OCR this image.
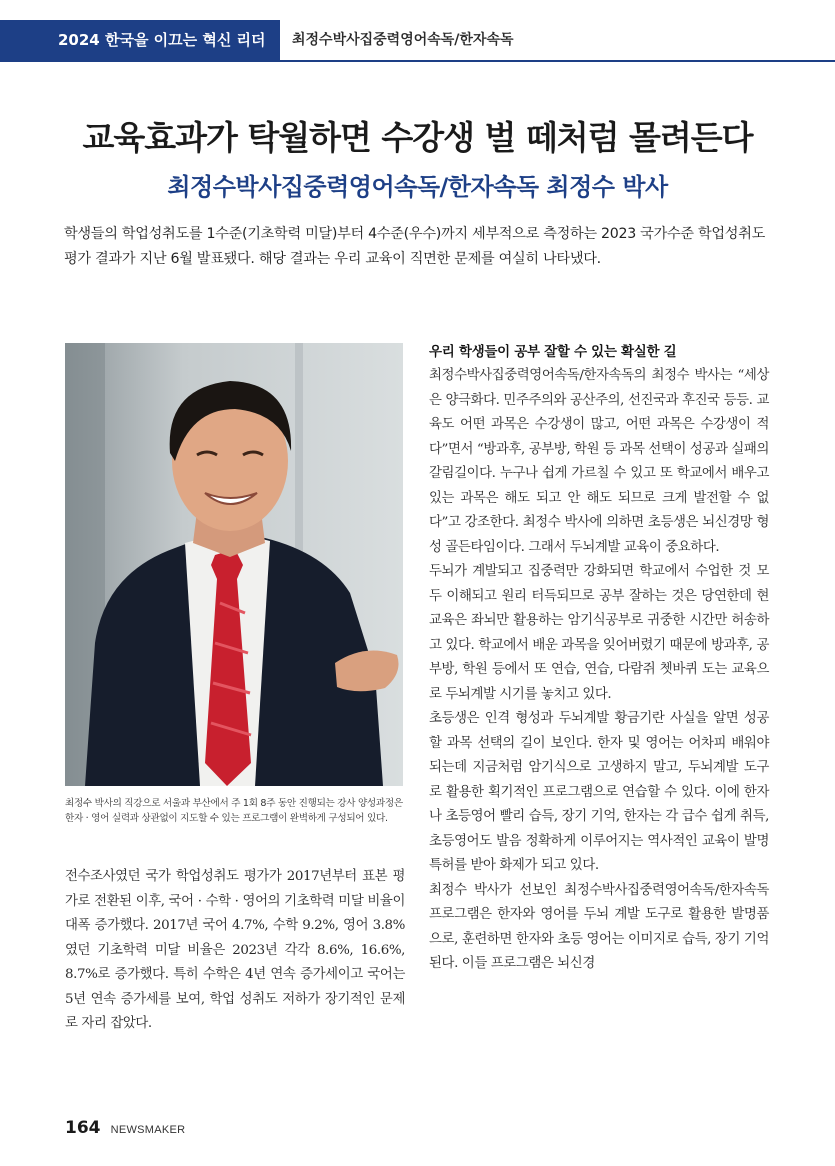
2024 한국을 이끄는 혁신 리더	최정수박사집중력영어속독/한자속독
교육효과가 탁월하면 수강생 벌 떼처럼 몰려든다
최정수박사집중력영어속독/한자속독 최정수 박사

학생들의 학업성취도를 1수준(기초학력 미달)부터 4수준(우수)까지 세부적으로 측정하는 2023 국가수준 학업성취도 평가 결과가 지난 6월 발표됐다. 해당 결과는 우리 교육이 직면한 문제를 여실히 나타냈다.

최정수 박사의 직강으로 서울과 부산에서 주 1회 8주 동안 진행되는 강사 양성과정은 한자 · 영어 실력과 상관없이 지도할 수 있는 프로그램이 완벽하게 구성되어 있다.

전수조사였던 국가 학업성취도 평가가 2017년부터 표본 평가로 전환된 이후, 국어 · 수학 · 영어의 기초학력 미달 비율이 대폭 증가했다. 2017년 국어 4.7%, 수학 9.2%, 영어 3.8%였던 기초학력 미달 비율은 2023년 각각 8.6%, 16.6%, 8.7%로 증가했다. 특히 수학은 4년 연속 증가세이고 국어는 5년 연속 증가세를 보여, 학업 성취도 저하가 장기적인 문제로 자리 잡았다.

우리 학생들이 공부 잘할 수 있는 확실한 길

최정수박사집중력영어속독/한자속독의 최정수 박사는 “세상은 양극화다. 민주주의와 공산주의, 선진국과 후진국 등등. 교육도 어떤 과목은 수강생이 많고, 어떤 과목은 수강생이 적다”면서 “방과후, 공부방, 학원 등 과목 선택이 성공과 실패의 갈림길이다. 누구나 쉽게 가르칠 수 있고 또 학교에서 배우고 있는 과목은 해도 되고 안 해도 되므로 크게 발전할 수 없다”고 강조한다. 최정수 박사에 의하면 초등생은 뇌신경망 형성 골든타임이다. 그래서 두뇌계발 교육이 중요하다.

두뇌가 계발되고 집중력만 강화되면 학교에서 수업한 것 모두 이해되고 원리 터득되므로 공부 잘하는 것은 당연한데 현 교육은 좌뇌만 활용하는 암기식공부로 귀중한 시간만 허송하고 있다. 학교에서 배운 과목을 잊어버렸기 때문에 방과후, 공부방, 학원 등에서 또 연습, 연습, 다람쥐 쳇바퀴 도는 교육으로 두뇌계발 시기를 놓치고 있다.

초등생은 인격 형성과 두뇌계발 황금기란 사실을 알면 성공할 과목 선택의 길이 보인다. 한자 및 영어는 어차피 배워야 되는데 지금처럼 암기식으로 고생하지 말고, 두뇌계발 도구로 활용한 획기적인 프로그램으로 연습할 수 있다. 이에 한자나 초등영어 빨리 습득, 장기 기억, 한자는 각 급수 쉽게 취득, 초등영어도 발음 정확하게 이루어지는 역사적인 교육이 발명특허를 받아 화제가 되고 있다.

최정수 박사가 선보인 최정수박사집중력영어속독/한자속독 프로그램은 한자와 영어를 두뇌 계발 도구로 활용한 발명품으로, 훈련하면 한자와 초등 영어는 이미지로 습득, 장기 기억된다. 이들 프로그램은 뇌신경

164 NEWSMAKER
